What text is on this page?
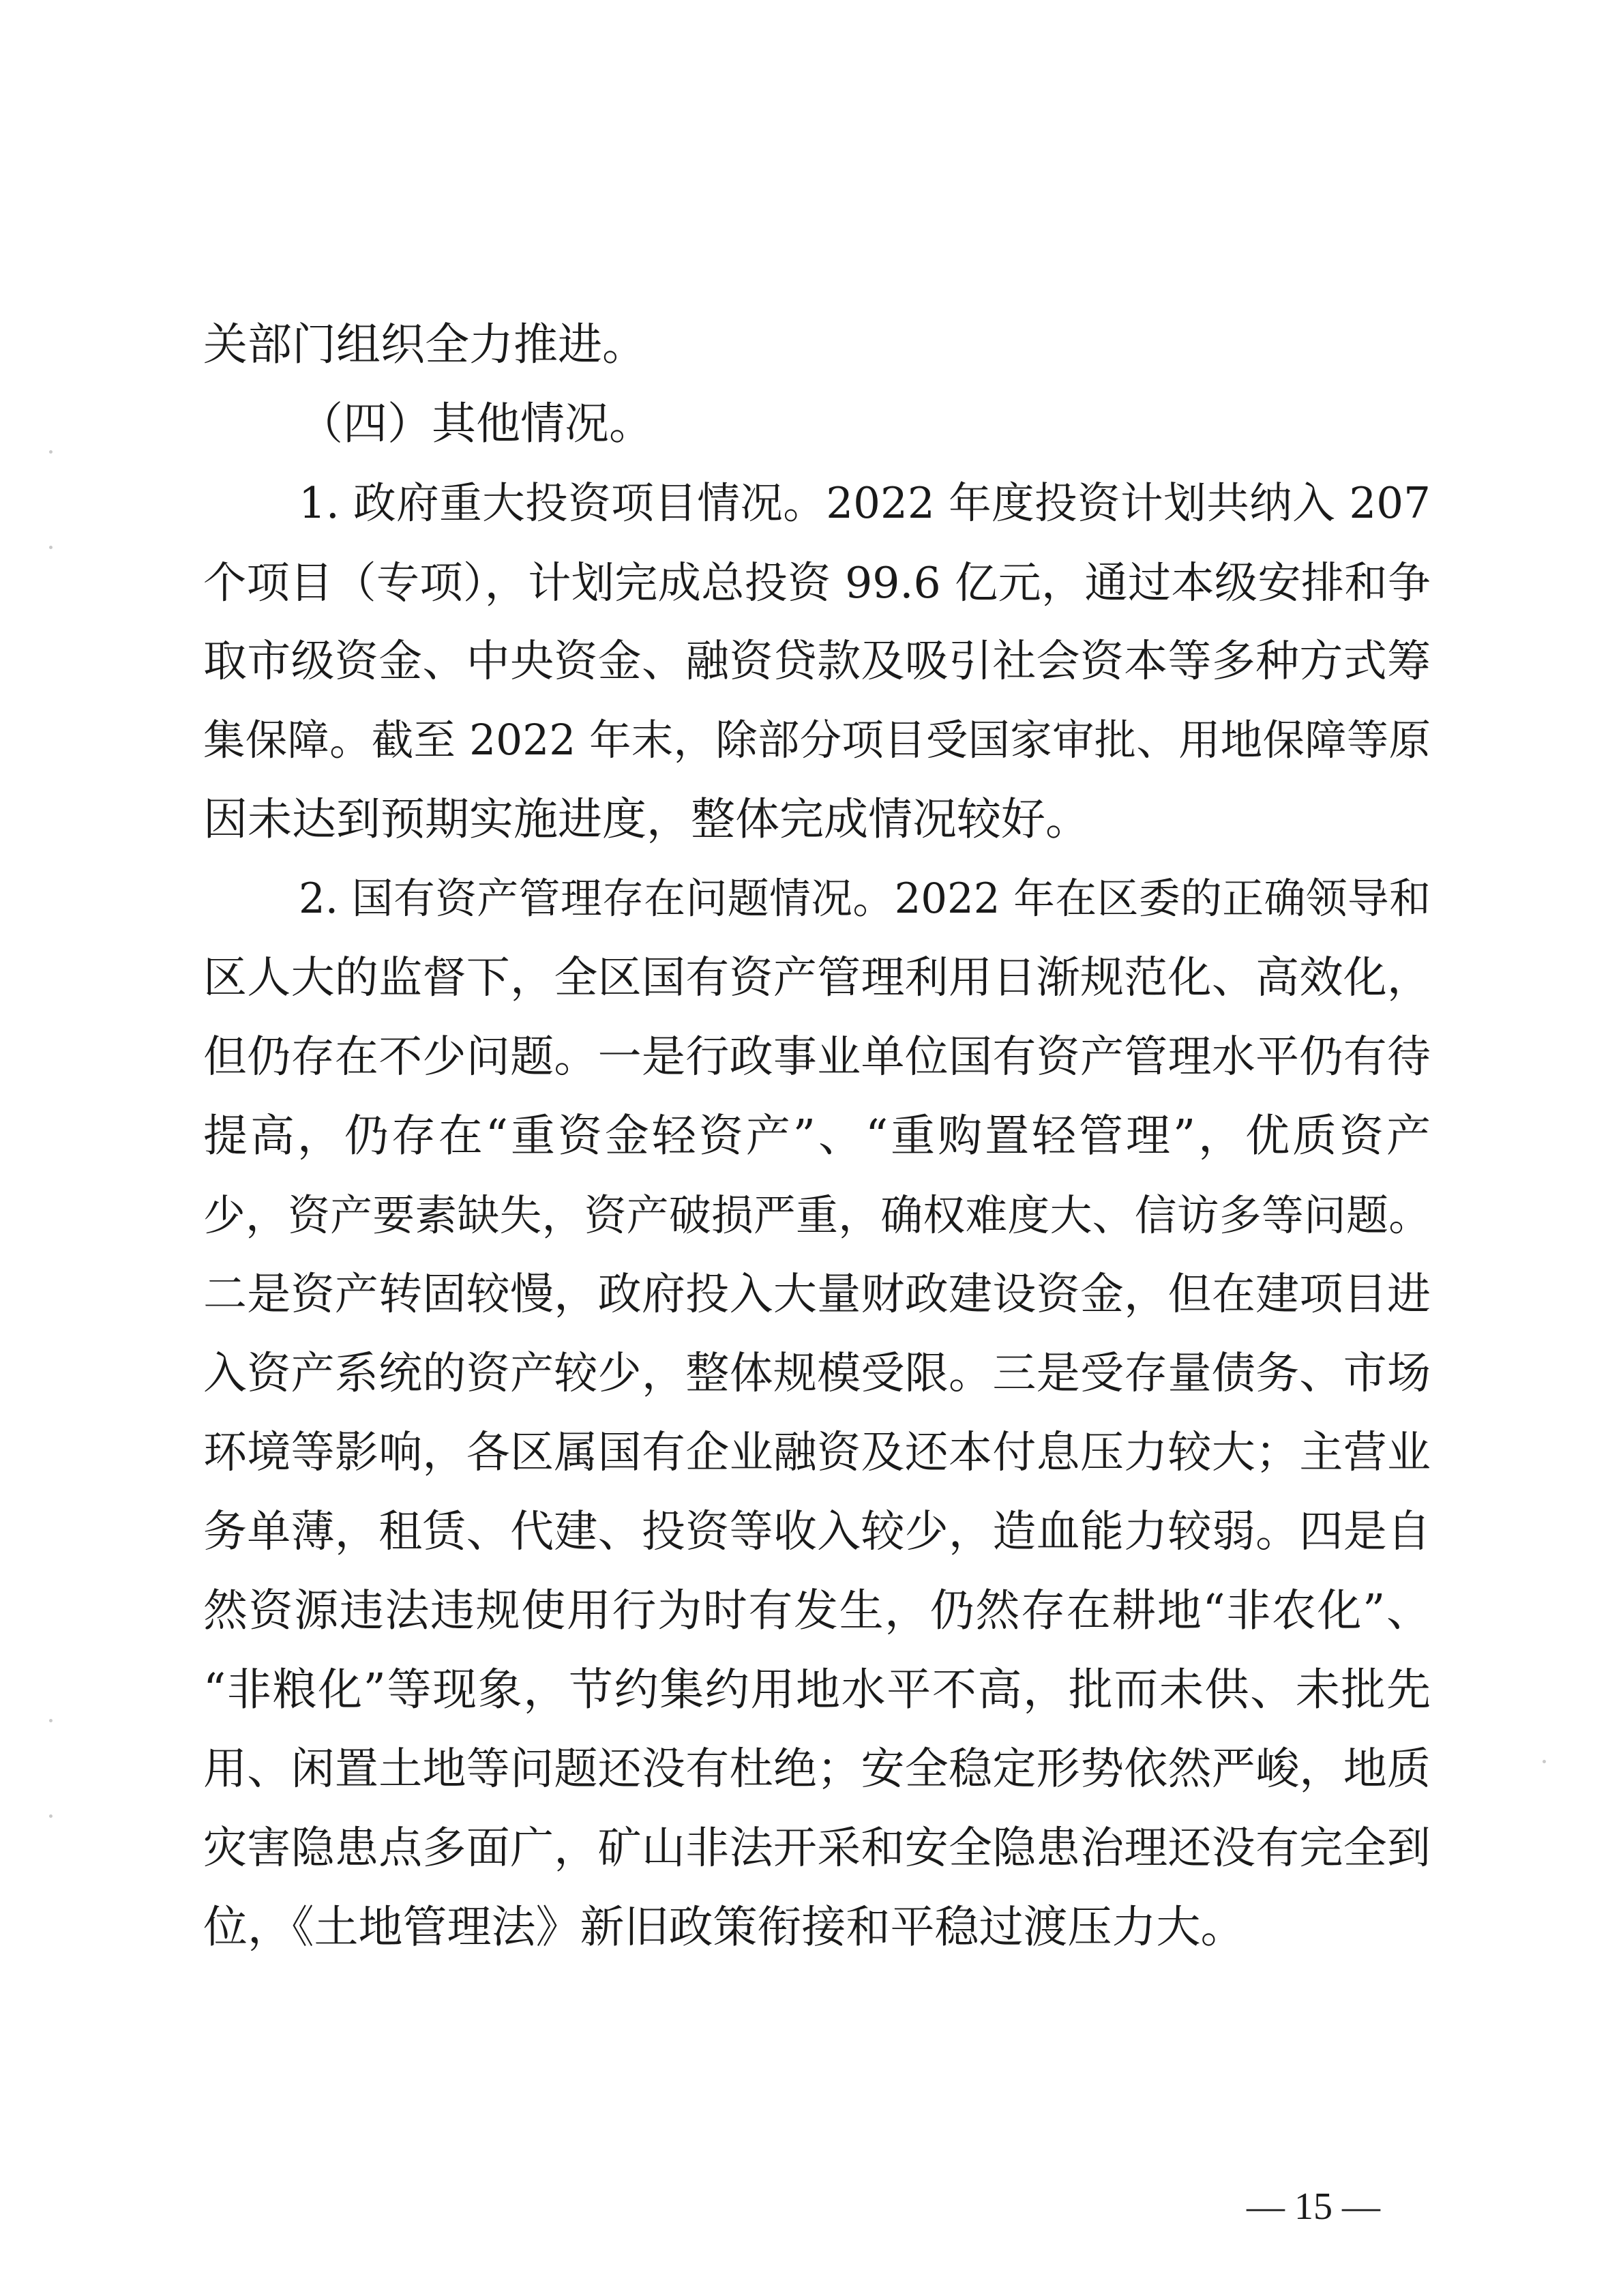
关部门组织全力推进。
（四）其他情况。
1. 政府重大投资项目情况。2022 年度投资计划共纳入 207
个项目（专项），计划完成总投资 99.6 亿元，通过本级安排和争
取市级资金、中央资金、融资贷款及吸引社会资本等多种方式筹
集保障。截至 2022 年末，除部分项目受国家审批、用地保障等原
因未达到预期实施进度，整体完成情况较好。
2. 国有资产管理存在问题情况。2022 年在区委的正确领导和
区人大的监督下，全区国有资产管理利用日渐规范化、高效化，
但仍存在不少问题。一是行政事业单位国有资产管理水平仍有待
提高，仍存在“重资金轻资产”、“重购置轻管理”，优质资产
少，资产要素缺失，资产破损严重，确权难度大、信访多等问题。
二是资产转固较慢，政府投入大量财政建设资金，但在建项目进
入资产系统的资产较少，整体规模受限。三是受存量债务、市场
环境等影响，各区属国有企业融资及还本付息压力较大；主营业
务单薄，租赁、代建、投资等收入较少，造血能力较弱。四是自
然资源违法违规使用行为时有发生，仍然存在耕地“非农化”、
“非粮化”等现象，节约集约用地水平不高，批而未供、未批先
用、闲置土地等问题还没有杜绝；安全稳定形势依然严峻，地质
灾害隐患点多面广，矿山非法开采和安全隐患治理还没有完全到
位，《土地管理法》新旧政策衔接和平稳过渡压力大。
— 15 —
